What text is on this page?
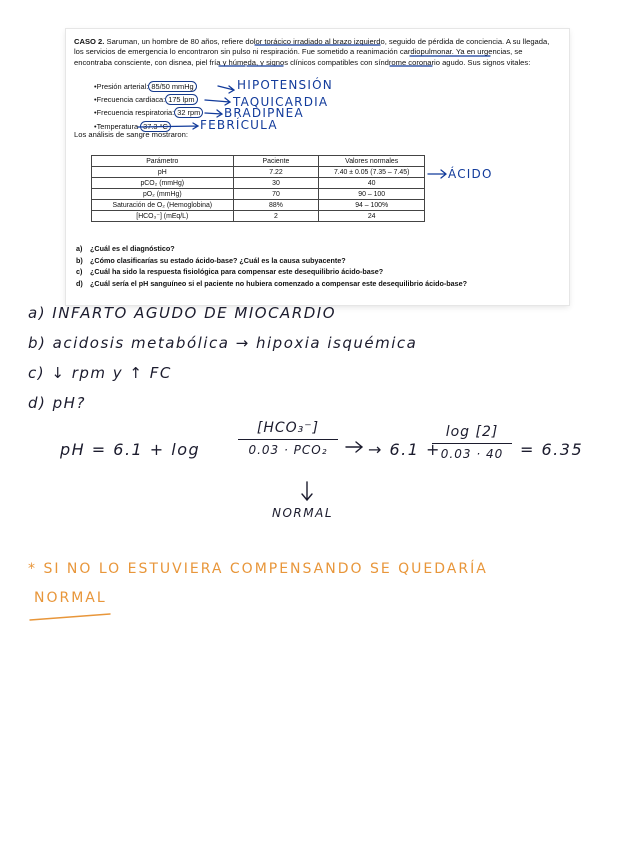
CASO 2. Saruman, un hombre de 80 años, refiere dolor torácico irradiado al brazo izquierdo, seguido de pérdida de conciencia. A su llegada, los servicios de emergencia lo encontraron sin pulso ni respiración. Fue sometido a reanimación cardiopulmonar. Ya en urgencias, se encontraba consciente, con disnea, piel fría y húmeda, y signos clínicos compatibles con síndrome coronario agudo. Sus signos vitales:
•Presión arterial: 85/50 mmHg
•Frecuencia cardiaca: 175 lpm
•Frecuencia respiratoria: 32 rpm
•Temperatura 37.3 °C
Los análisis de sangre mostraron:
Parámetro	Paciente	Valores normales
pH	7.22	7.40 ± 0.05 (7.35 – 7.45)
pCO₂ (mmHg)	30	40
pO₂ (mmHg)	70	90 – 100
Saturación de O₂ (Hemoglobina)	88%	94 – 100%
[HCO₃⁻] (mEq/L)	2	24
a) ¿Cuál es el diagnóstico?
b) ¿Cómo clasificarías su estado ácido-base? ¿Cuál es la causa subyacente?
c) ¿Cuál ha sido la respuesta fisiológica para compensar este desequilibrio ácido-base?
d) ¿Cuál sería el pH sanguíneo si el paciente no hubiera comenzado a compensar este desequilibrio ácido-base?
HIPOTENSIÓN
TAQUICARDIA
BRADIPNEA
FEBRÍCULA
ÁCIDO
a) INFARTO AGUDO DE MIOCARDIO
b) acidosis metabólica → hipoxia isquémica
c) ↓ rpm y ↑ FC
d) pH?
pH = 6.1 + log
[HCO₃⁻]
0.03 · PCO₂	→ 6.1 +
log [2]
0.03 · 40	= 6.35
NORMAL
* SI NO LO ESTUVIERA COMPENSANDO SE QUEDARÍA
NORMAL
